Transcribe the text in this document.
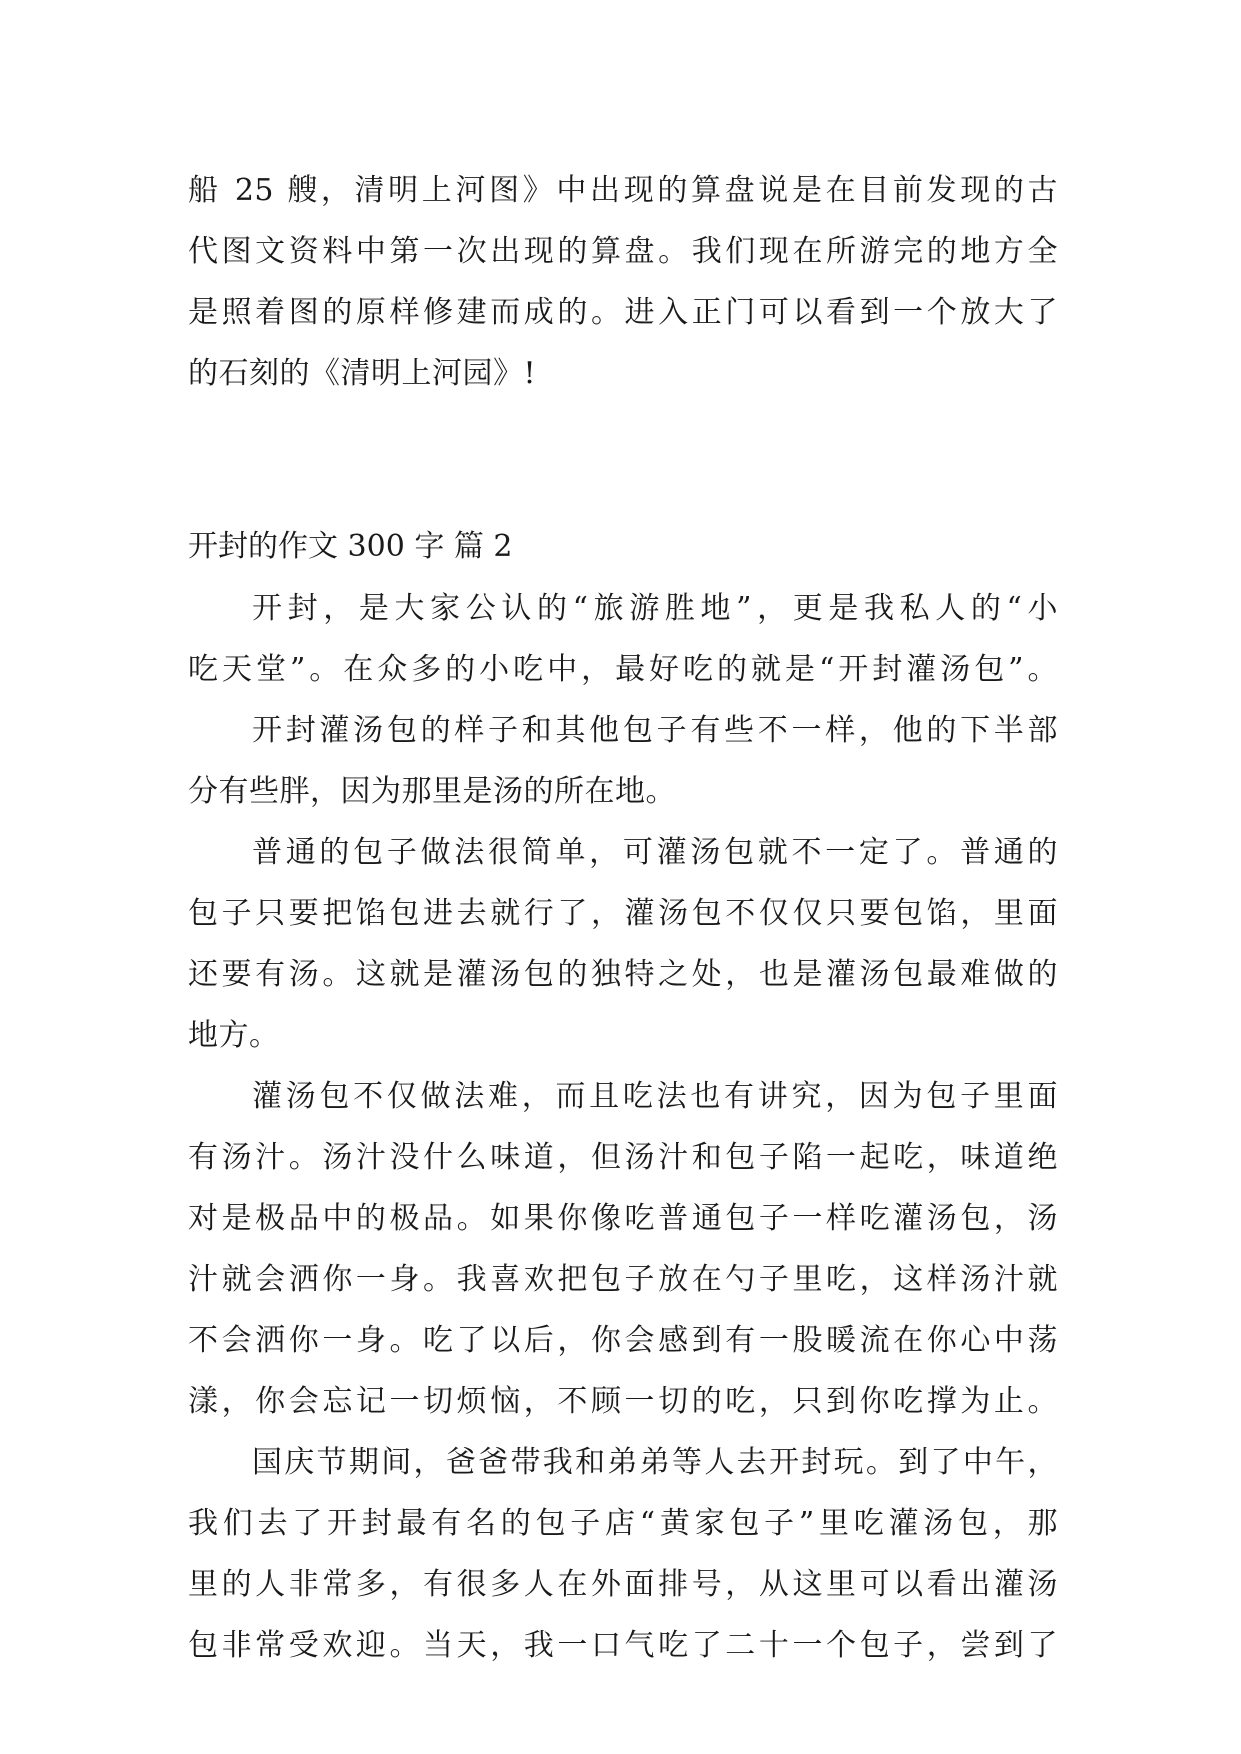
船 25 艘，清明上河图》中出现的算盘说是在目前发现的古
代图文资料中第一次出现的算盘。我们现在所游完的地方全
是照着图的原样修建而成的。进入正门可以看到一个放大了
的石刻的《清明上河园》!
开封的作文 300 字 篇 2
开封，是大家公认的“旅游胜地”，更是我私人的“小
吃天堂”。在众多的小吃中，最好吃的就是“开封灌汤包”。
开封灌汤包的样子和其他包子有些不一样，他的下半部
分有些胖，因为那里是汤的所在地。
普通的包子做法很简单，可灌汤包就不一定了。普通的
包子只要把馅包进去就行了，灌汤包不仅仅只要包馅，里面
还要有汤。这就是灌汤包的独特之处，也是灌汤包最难做的
地方。
灌汤包不仅做法难，而且吃法也有讲究，因为包子里面
有汤汁。汤汁没什么味道，但汤汁和包子陷一起吃，味道绝
对是极品中的极品。如果你像吃普通包子一样吃灌汤包，汤
汁就会洒你一身。我喜欢把包子放在勺子里吃，这样汤汁就
不会洒你一身。吃了以后，你会感到有一股暖流在你心中荡
漾，你会忘记一切烦恼，不顾一切的吃，只到你吃撑为止。
国庆节期间，爸爸带我和弟弟等人去开封玩。到了中午，
我们去了开封最有名的包子店“黄家包子”里吃灌汤包，那
里的人非常多，有很多人在外面排号，从这里可以看出灌汤
包非常受欢迎。当天，我一口气吃了二十一个包子，尝到了
